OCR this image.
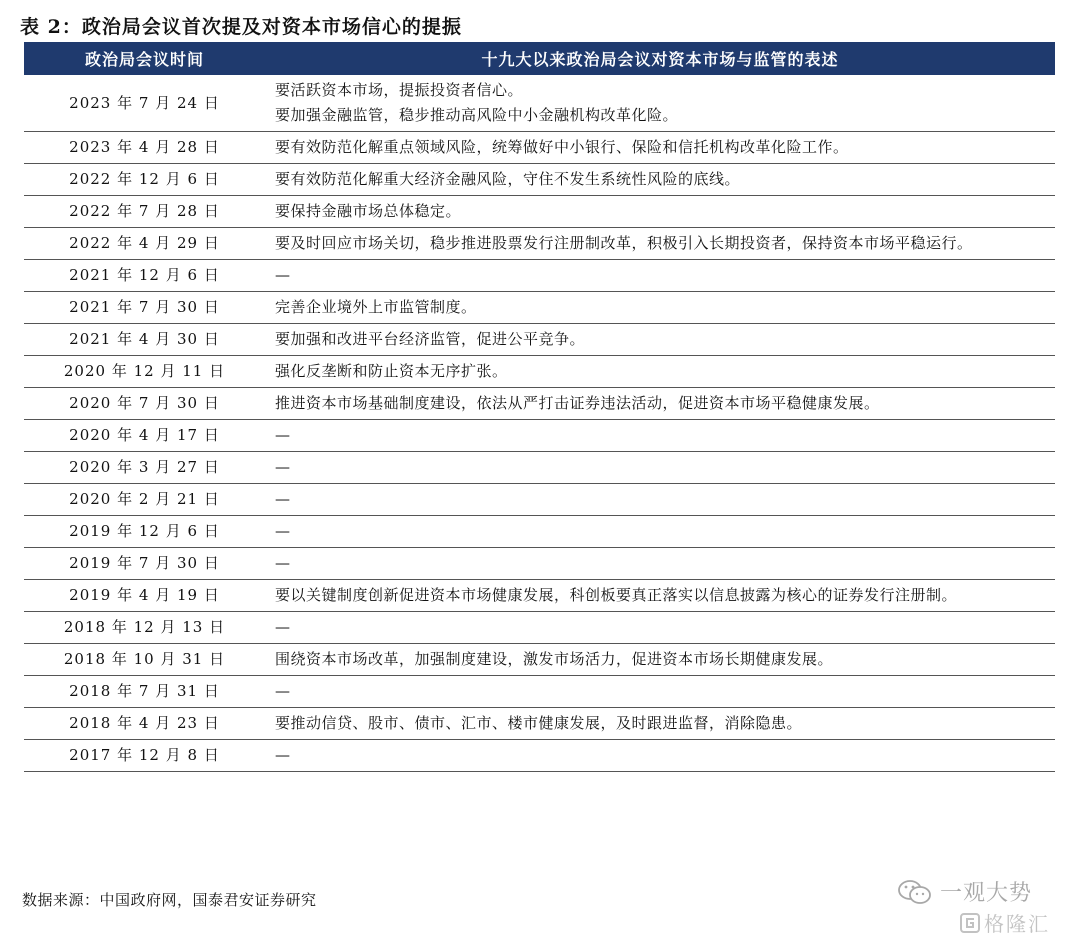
表 2：政治局会议首次提及对资本市场信心的提振
政治局会议时间	十九大以来政治局会议对资本市场与监管的表述
2023 年 7 月 24 日	要活跃资本市场，提振投资者信心。
要加强金融监管，稳步推动高风险中小金融机构改革化险。
2023 年 4 月 28 日	要有效防范化解重点领域风险，统筹做好中小银行、保险和信托机构改革化险工作。
2022 年 12 月 6 日	要有效防范化解重大经济金融风险，守住不发生系统性风险的底线。
2022 年 7 月 28 日	要保持金融市场总体稳定。
2022 年 4 月 29 日	要及时回应市场关切，稳步推进股票发行注册制改革，积极引入长期投资者，保持资本市场平稳运行。
2021 年 12 月 6 日	—
2021 年 7 月 30 日	完善企业境外上市监管制度。
2021 年 4 月 30 日	要加强和改进平台经济监管，促进公平竞争。
2020 年 12 月 11 日	强化反垄断和防止资本无序扩张。
2020 年 7 月 30 日	推进资本市场基础制度建设，依法从严打击证券违法活动，促进资本市场平稳健康发展。
2020 年 4 月 17 日	—
2020 年 3 月 27 日	—
2020 年 2 月 21 日	—
2019 年 12 月 6 日	—
2019 年 7 月 30 日	—
2019 年 4 月 19 日	要以关键制度创新促进资本市场健康发展，科创板要真正落实以信息披露为核心的证券发行注册制。
2018 年 12 月 13 日	—
2018 年 10 月 31 日	围绕资本市场改革，加强制度建设，激发市场活力，促进资本市场长期健康发展。
2018 年 7 月 31 日	—
2018 年 4 月 23 日	要推动信贷、股市、债市、汇市、楼市健康发展，及时跟进监督，消除隐患。
2017 年 12 月 8 日	—
数据来源：中国政府网，国泰君安证券研究	一观大势
格隆汇
